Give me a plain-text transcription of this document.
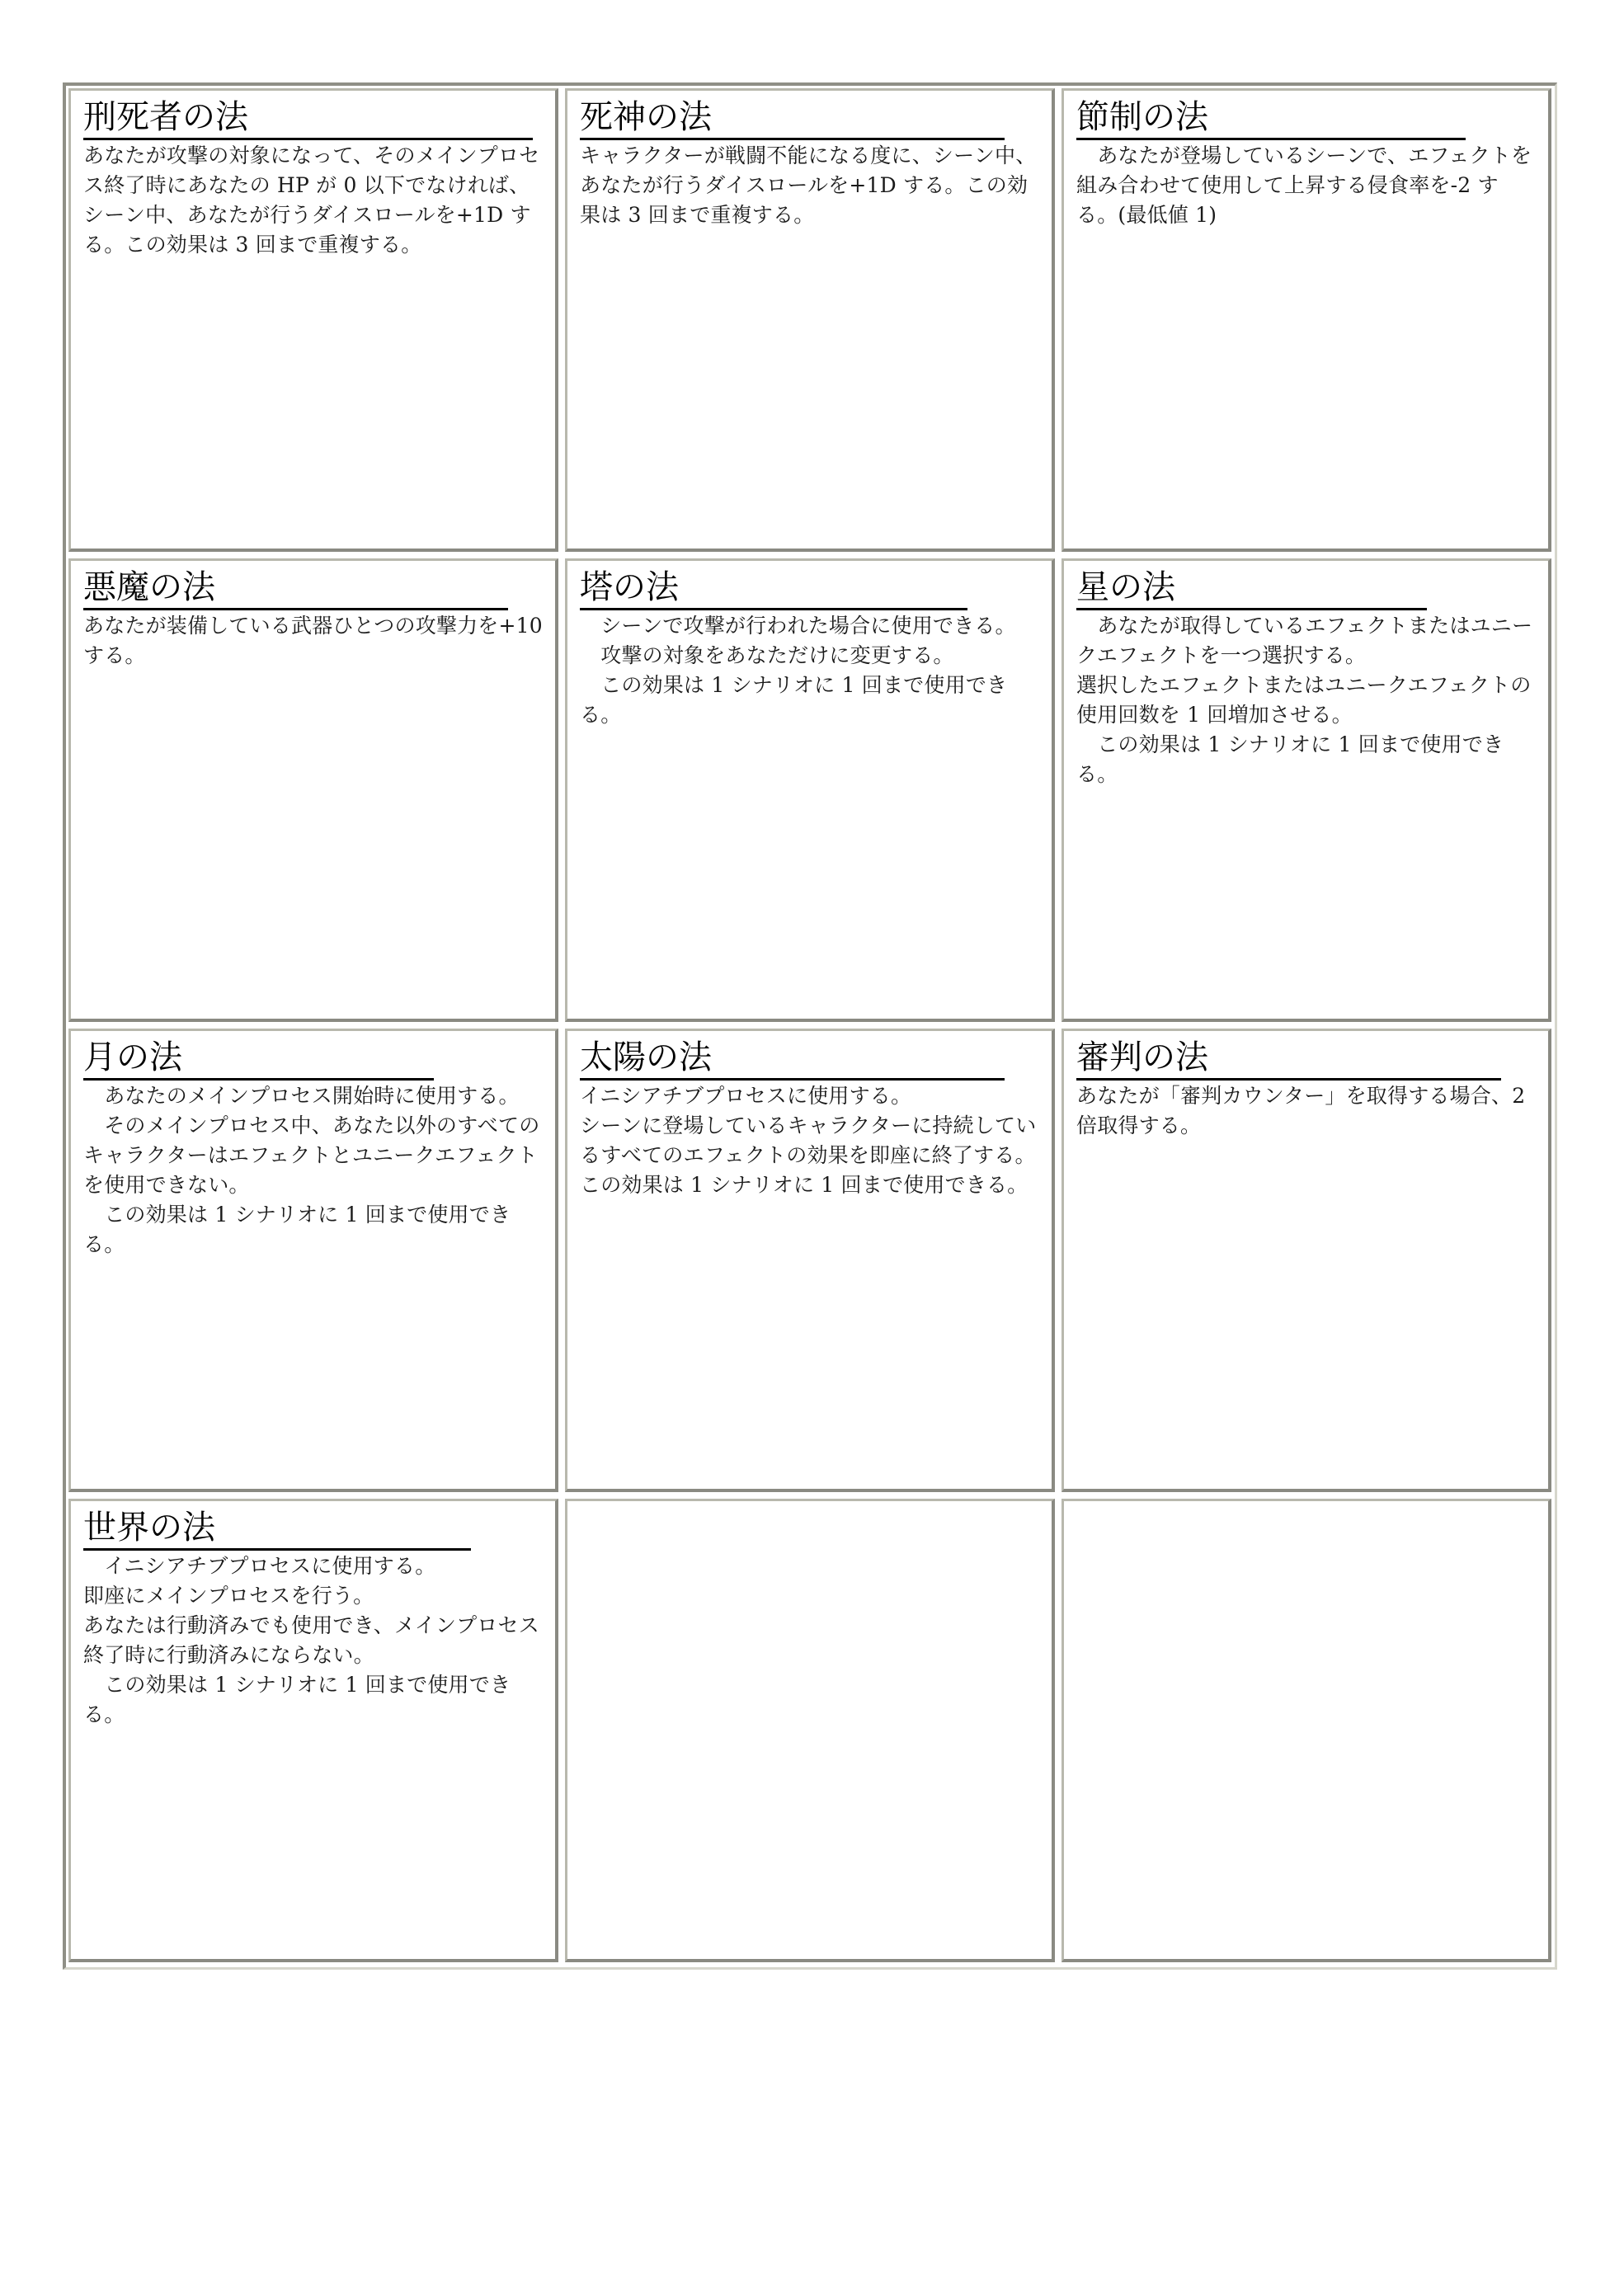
刑死者の法

あなたが攻撃の対象になって、そのメインプロセス終了時にあなたの HP が 0 以下でなければ、シーン中、あなたが行うダイスロールを+1D する。この効果は 3 回まで重複する。

死神の法

キャラクターが戦闘不能になる度に、シーン中、あなたが行うダイスロールを+1D する。この効果は 3 回まで重複する。

節制の法

　あなたが登場しているシーンで、エフェクトを組み合わせて使用して上昇する侵食率を-2 する。(最低値 1)

悪魔の法

あなたが装備している武器ひとつの攻撃力を+10 する。

塔の法

　シーンで攻撃が行われた場合に使用できる。

　攻撃の対象をあなただけに変更する。

　この効果は 1 シナリオに 1 回まで使用できる。

星の法

　あなたが取得しているエフェクトまたはユニークエフェクトを一つ選択する。

選択したエフェクトまたはユニークエフェクトの使用回数を 1 回増加させる。

　この効果は 1 シナリオに 1 回まで使用できる。

月の法

　あなたのメインプロセス開始時に使用する。

　そのメインプロセス中、あなた以外のすべてのキャラクターはエフェクトとユニークエフェクトを使用できない。

　この効果は 1 シナリオに 1 回まで使用できる。

太陽の法

イニシアチブプロセスに使用する。

シーンに登場しているキャラクターに持続しているすべてのエフェクトの効果を即座に終了する。

この効果は 1 シナリオに 1 回まで使用できる。

審判の法

あなたが「審判カウンター」を取得する場合、2 倍取得する。

世界の法

　イニシアチブプロセスに使用する。

即座にメインプロセスを行う。

あなたは行動済みでも使用でき、メインプロセス終了時に行動済みにならない。

　この効果は 1 シナリオに 1 回まで使用できる。
